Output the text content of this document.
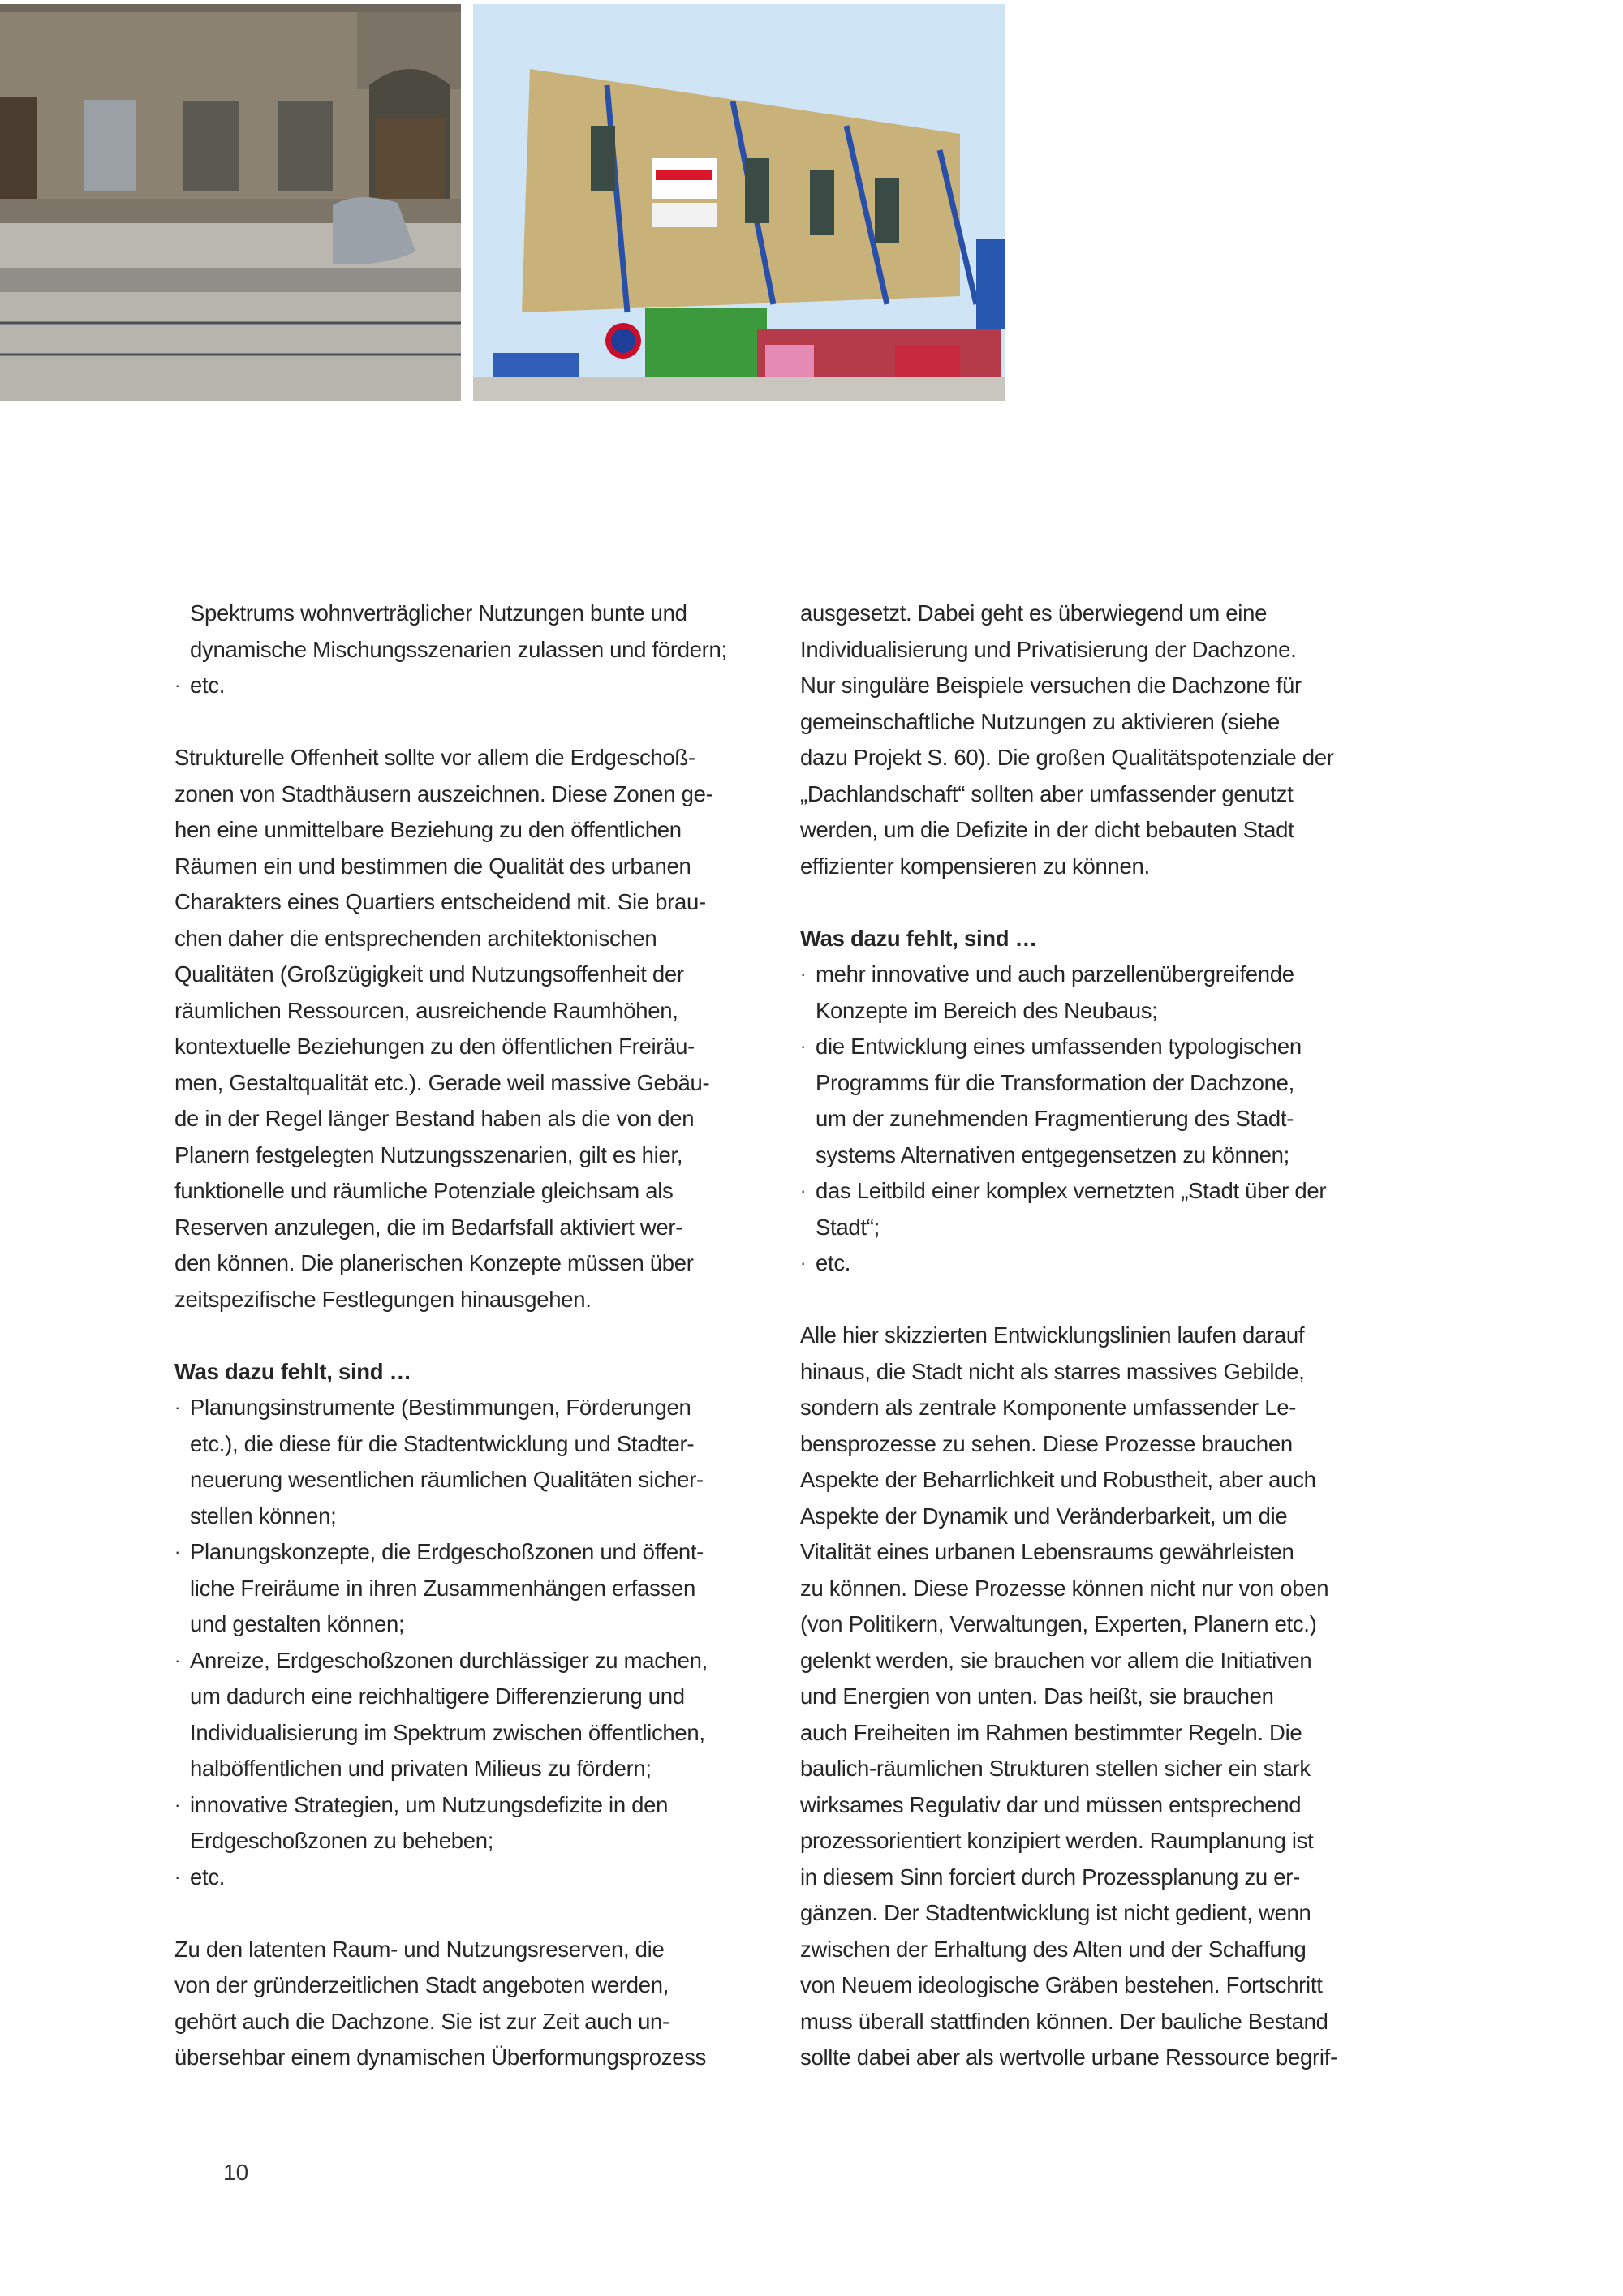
Spektrums wohnverträglicher Nutzungen bunte und
dynamische Mischungsszenarien zulassen und fördern;
· etc.
Strukturelle Offenheit sollte vor allem die Erdgeschoß-
zonen von Stadthäusern auszeichnen. Diese Zonen ge-
hen eine unmittelbare Beziehung zu den öffentlichen
Räumen ein und bestimmen die Qualität des urbanen
Charakters eines Quartiers entscheidend mit. Sie brau-
chen daher die entsprechenden architektonischen
Qualitäten (Großzügigkeit und Nutzungsoffenheit der
räumlichen Ressourcen, ausreichende Raumhöhen,
kontextuelle Beziehungen zu den öffentlichen Freiräu-
men, Gestaltqualität etc.). Gerade weil massive Gebäu-
de in der Regel länger Bestand haben als die von den
Planern festgelegten Nutzungsszenarien, gilt es hier,
funktionelle und räumliche Potenziale gleichsam als
Reserven anzulegen, die im Bedarfsfall aktiviert wer-
den können. Die planerischen Konzepte müssen über
zeitspezifische Festlegungen hinausgehen.
Was dazu fehlt, sind …
· Planungsinstrumente (Bestimmungen, Förderungen
etc.), die diese für die Stadtentwicklung und Stadter-
neuerung wesentlichen räumlichen Qualitäten sicher-
stellen können;
· Planungskonzepte, die Erdgeschoßzonen und öffent-
liche Freiräume in ihren Zusammenhängen erfassen
und gestalten können;
· Anreize, Erdgeschoßzonen durchlässiger zu machen,
um dadurch eine reichhaltigere Differenzierung und
Individualisierung im Spektrum zwischen öffentlichen,
halböffentlichen und privaten Milieus zu fördern;
· innovative Strategien, um Nutzungsdefizite in den
Erdgeschoßzonen zu beheben;
· etc.
Zu den latenten Raum- und Nutzungsreserven, die
von der gründerzeitlichen Stadt angeboten werden,
gehört auch die Dachzone. Sie ist zur Zeit auch un-
übersehbar einem dynamischen Überformungsprozess
ausgesetzt. Dabei geht es überwiegend um eine
Individualisierung und Privatisierung der Dachzone.
Nur singuläre Beispiele versuchen die Dachzone für
gemeinschaftliche Nutzungen zu aktivieren (siehe
dazu Projekt S. 60). Die großen Qualitätspotenziale der
„Dachlandschaft“ sollten aber umfassender genutzt
werden, um die Defizite in der dicht bebauten Stadt
effizienter kompensieren zu können.
Was dazu fehlt, sind …
· mehr innovative und auch parzellenübergreifende
Konzepte im Bereich des Neubaus;
· die Entwicklung eines umfassenden typologischen
Programms für die Transformation der Dachzone,
um der zunehmenden Fragmentierung des Stadt-
systems Alternativen entgegensetzen zu können;
· das Leitbild einer komplex vernetzten „Stadt über der
Stadt“;
· etc.
Alle hier skizzierten Entwicklungslinien laufen darauf
hinaus, die Stadt nicht als starres massives Gebilde,
sondern als zentrale Komponente umfassender Le-
bensprozesse zu sehen. Diese Prozesse brauchen
Aspekte der Beharrlichkeit und Robustheit, aber auch
Aspekte der Dynamik und Veränderbarkeit, um die
Vitalität eines urbanen Lebensraums gewährleisten
zu können. Diese Prozesse können nicht nur von oben
(von Politikern, Verwaltungen, Experten, Planern etc.)
gelenkt werden, sie brauchen vor allem die Initiativen
und Energien von unten. Das heißt, sie brauchen
auch Freiheiten im Rahmen bestimmter Regeln. Die
baulich-räumlichen Strukturen stellen sicher ein stark
wirksames Regulativ dar und müssen entsprechend
prozessorientiert konzipiert werden. Raumplanung ist
in diesem Sinn forciert durch Prozessplanung zu er-
gänzen. Der Stadtentwicklung ist nicht gedient, wenn
zwischen der Erhaltung des Alten und der Schaffung
von Neuem ideologische Gräben bestehen. Fortschritt
muss überall stattfinden können. Der bauliche Bestand
sollte dabei aber als wertvolle urbane Ressource begrif-
10
